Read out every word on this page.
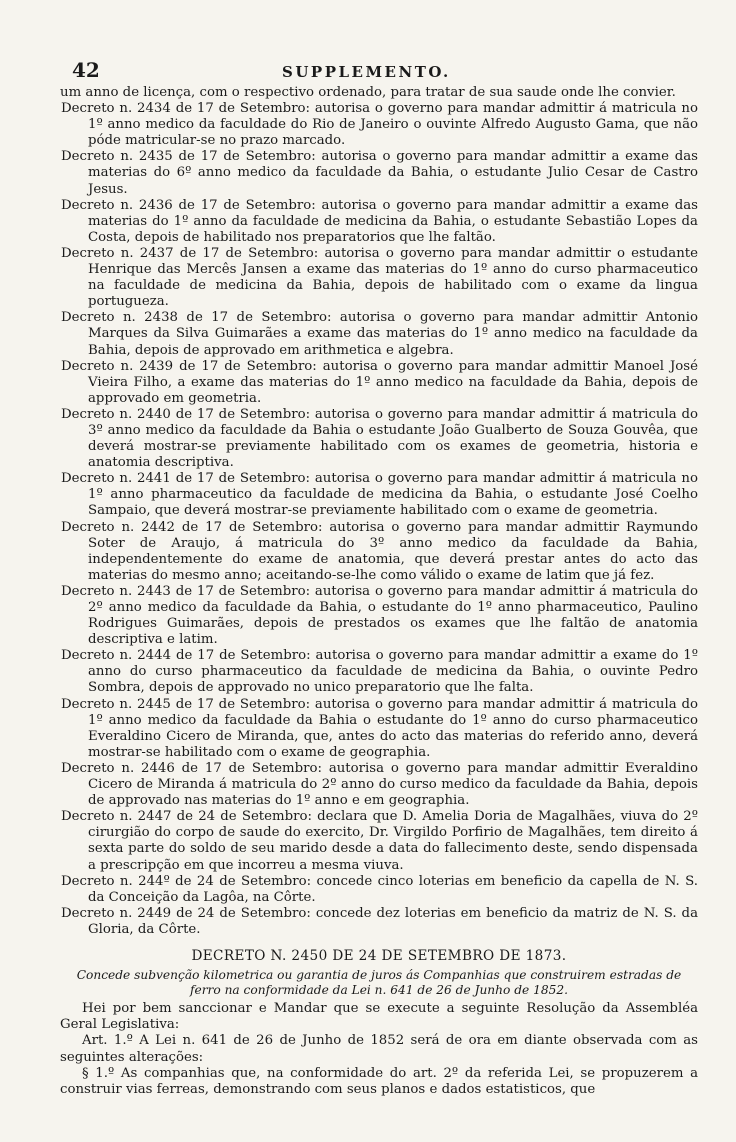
42	SUPPLEMENTO.
um anno de licença, com o respectivo ordenado, para tratar de sua saude onde lhe convier.
Decreto n. 2434 de 17 de Setembro: autorisa o governo para mandar admittir á matricula no 1º anno medico da faculdade do Rio de Janeiro o ouvinte Alfredo Augusto Gama, que não póde matricular-se no prazo marcado.
Decreto n. 2435 de 17 de Setembro: autorisa o governo para mandar admittir a exame das materias do 6º anno medico da faculdade da Bahia, o estudante Julio Cesar de Castro Jesus.
Decreto n. 2436 de 17 de Setembro: autorisa o governo para mandar admittir a exame das materias do 1º anno da faculdade de medicina da Bahia, o estudante Sebastião Lopes da Costa, depois de habilitado nos preparatorios que lhe faltão.
Decreto n. 2437 de 17 de Setembro: autorisa o governo para mandar admittir o estudante Henrique das Mercês Jansen a exame das materias do 1º anno do curso pharmaceutico na faculdade de medicina da Bahia, depois de habilitado com o exame da lingua portugueza.
Decreto n. 2438 de 17 de Setembro: autorisa o governo para mandar admittir Antonio Marques da Silva Guimarães a exame das materias do 1º anno medico na faculdade da Bahia, depois de approvado em arithmetica e algebra.
Decreto n. 2439 de 17 de Setembro: autorisa o governo para mandar admittir Manoel José Vieira Filho, a exame das materias do 1º anno medico na faculdade da Bahia, depois de approvado em geometria.
Decreto n. 2440 de 17 de Setembro: autorisa o governo para mandar admittir á matricula do 3º anno medico da faculdade da Bahia o estudante João Gualberto de Souza Gouvêa, que deverá mostrar-se previamente habilitado com os exames de geometria, historia e anatomia descriptiva.
Decreto n. 2441 de 17 de Setembro: autorisa o governo para mandar admittir á matricula no 1º anno pharmaceutico da faculdade de medicina da Bahia, o estudante José Coelho Sampaio, que deverá mostrar-se previamente habilitado com o exame de geometria.
Decreto n. 2442 de 17 de Setembro: autorisa o governo para mandar admittir Raymundo Soter de Araujo, á matricula do 3º anno medico da faculdade da Bahia, independentemente do exame de anatomia, que deverá prestar antes do acto das materias do mesmo anno; aceitando-se-lhe como válido o exame de latim que já fez.
Decreto n. 2443 de 17 de Setembro: autorisa o governo para mandar admittir á matricula do 2º anno medico da faculdade da Bahia, o estudante do 1º anno pharmaceutico, Paulino Rodrigues Guimarães, depois de prestados os exames que lhe faltão de anatomia descriptiva e latim.
Decreto n. 2444 de 17 de Setembro: autorisa o governo para mandar admittir a exame do 1º anno do curso pharmaceutico da faculdade de medicina da Bahia, o ouvinte Pedro Sombra, depois de approvado no unico preparatorio que lhe falta.
Decreto n. 2445 de 17 de Setembro: autorisa o governo para mandar admittir á matricula do 1º anno medico da faculdade da Bahia o estudante do 1º anno do curso pharmaceutico Everaldino Cicero de Miranda, que, antes do acto das materias do referido anno, deverá mostrar-se habilitado com o exame de geographia.
Decreto n. 2446 de 17 de Setembro: autorisa o governo para mandar admittir Everaldino Cicero de Miranda á matricula do 2º anno do curso medico da faculdade da Bahia, depois de approvado nas materias do 1º anno e em geographia.
Decreto n. 2447 de 24 de Setembro: declara que D. Amelia Doria de Magalhães, viuva do 2º cirurgião do corpo de saude do exercito, Dr. Virgildo Porfirio de Magalhães, tem direito á sexta parte do soldo de seu marido desde a data do fallecimento deste, sendo dispensada a prescripção em que incorreu a mesma viuva.
Decreto n. 244º de 24 de Setembro: concede cinco loterias em beneficio da capella de N. S. da Conceição da Lagôa, na Côrte.
Decreto n. 2449 de 24 de Setembro: concede dez loterias em beneficio da matriz de N. S. da Gloria, da Côrte.
DECRETO N. 2450 DE 24 DE SETEMBRO DE 1873.
Concede subvenção kilometrica ou garantia de juros ás Companhias que construirem estradas de ferro na conformidade da Lei n. 641 de 26 de Junho de 1852.
Hei por bem sanccionar e Mandar que se execute a seguinte Resolução da Assembléa Geral Legislativa:
Art. 1.º A Lei n. 641 de 26 de Junho de 1852 será de ora em diante observada com as seguintes alterações:
§ 1.º As companhias que, na conformidade do art. 2º da referida Lei, se propuzerem a construir vias ferreas, demonstrando com seus planos e dados estatisticos, que
